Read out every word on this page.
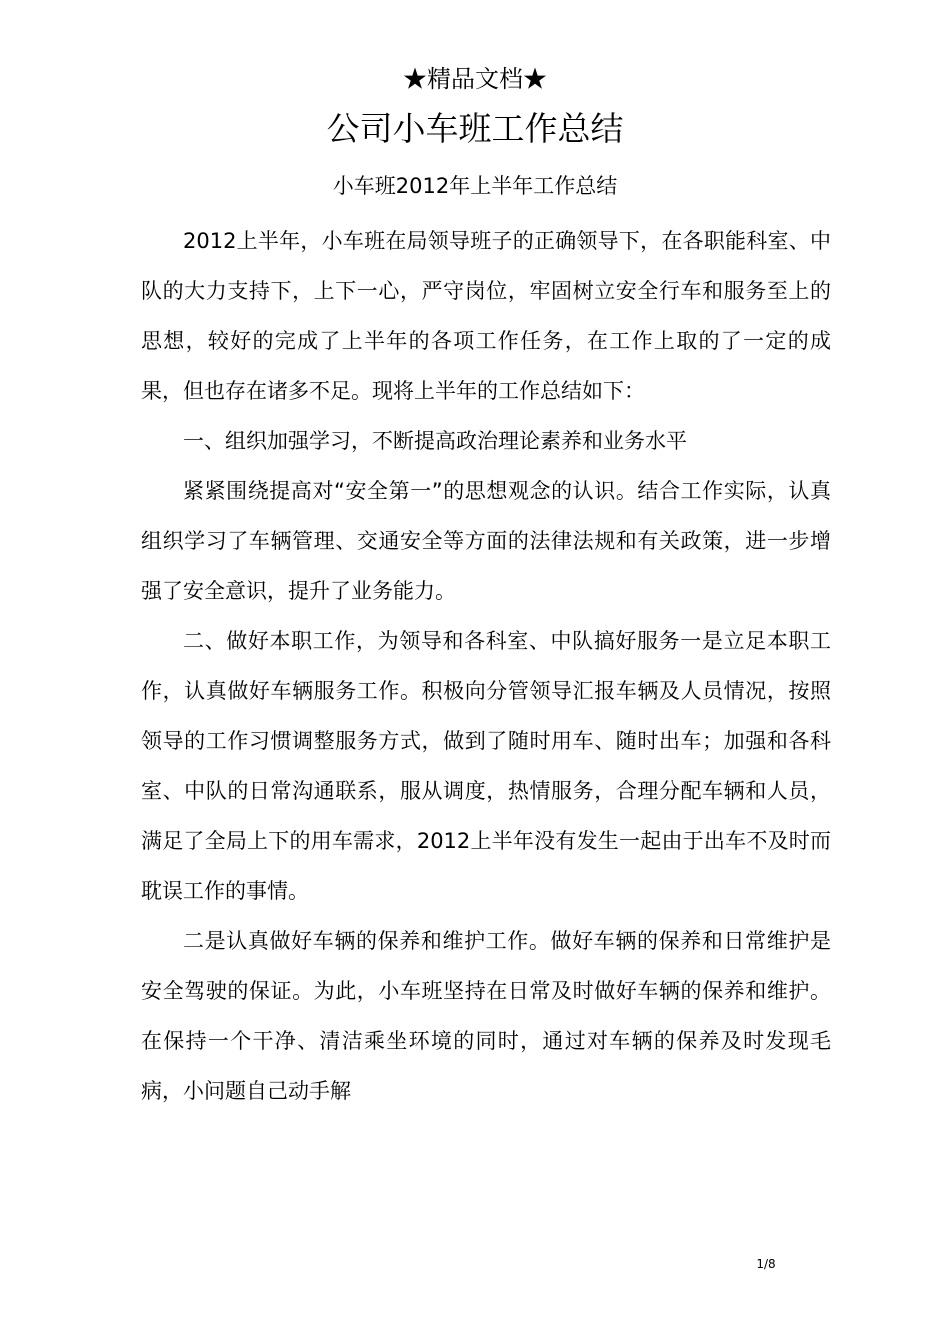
★精品文档★
公司小车班工作总结
小车班2012年上半年工作总结

2012上半年，小车班在局领导班子的正确领导下，在各职能科室、中队的大力支持下，上下一心，严守岗位，牢固树立安全行车和服务至上的思想，较好的完成了上半年的各项工作任务，在工作上取的了一定的成果，但也存在诸多不足。现将上半年的工作总结如下：

一、组织加强学习，不断提高政治理论素养和业务水平

紧紧围绕提高对“安全第一”的思想观念的认识。结合工作实际，认真组织学习了车辆管理、交通安全等方面的法律法规和有关政策，进一步增强了安全意识，提升了业务能力。

二、做好本职工作，为领导和各科室、中队搞好服务一是立足本职工作，认真做好车辆服务工作。积极向分管领导汇报车辆及人员情况，按照领导的工作习惯调整服务方式，做到了随时用车、随时出车；加强和各科室、中队的日常沟通联系，服从调度，热情服务，合理分配车辆和人员，满足了全局上下的用车需求，2012上半年没有发生一起由于出车不及时而耽误工作的事情。

二是认真做好车辆的保养和维护工作。做好车辆的保养和日常维护是安全驾驶的保证。为此，小车班坚持在日常及时做好车辆的保养和维护。在保持一个干净、清洁乘坐环境的同时，通过对车辆的保养及时发现毛病，小问题自己动手解

1/8
